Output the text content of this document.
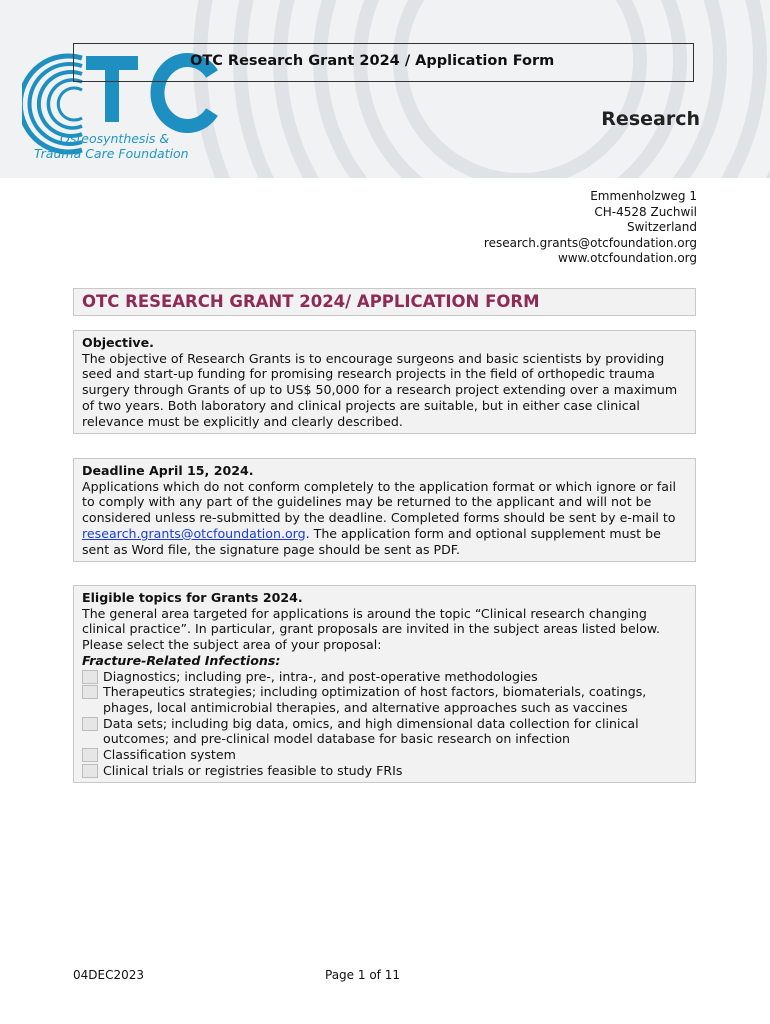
Osteosynthesis &
Trauma Care Foundation
OTC Research Grant 2024 / Application Form
Research
Emmenholzweg 1
CH-4528 Zuchwil
Switzerland
research.grants@otcfoundation.org
www.otcfoundation.org
OTC RESEARCH GRANT 2024/ APPLICATION FORM
Objective.

The objective of Research Grants is to encourage surgeons and basic scientists by providing seed and start-up funding for promising research projects in the field of orthopedic trauma surgery through Grants of up to US$ 50,000 for a research project extending over a maximum of two years. Both laboratory and clinical projects are suitable, but in either case clinical relevance must be explicitly and clearly described.

Deadline April 15, 2024.

Applications which do not conform completely to the application format or which ignore or fail to comply with any part of the guidelines may be returned to the applicant and will not be considered unless re-submitted by the deadline. Completed forms should be sent by e-mail to research.grants@otcfoundation.org. The application form and optional supplement must be sent as Word file, the signature page should be sent as PDF.

Eligible topics for Grants 2024.

The general area targeted for applications is around the topic “Clinical research changing clinical practice”. In particular, grant proposals are invited in the subject areas listed below. Please select the subject area of your proposal:

Fracture-Related Infections:
Diagnostics; including pre-, intra-, and post-operative methodologies
Therapeutics strategies; including optimization of host factors, biomaterials, coatings, phages, local antimicrobial therapies, and alternative approaches such as vaccines
Data sets; including big data, omics, and high dimensional data collection for clinical outcomes; and pre-clinical model database for basic research on infection
Classification system
Clinical trials or registries feasible to study FRIs
04DEC2023	Page 1 of 11
